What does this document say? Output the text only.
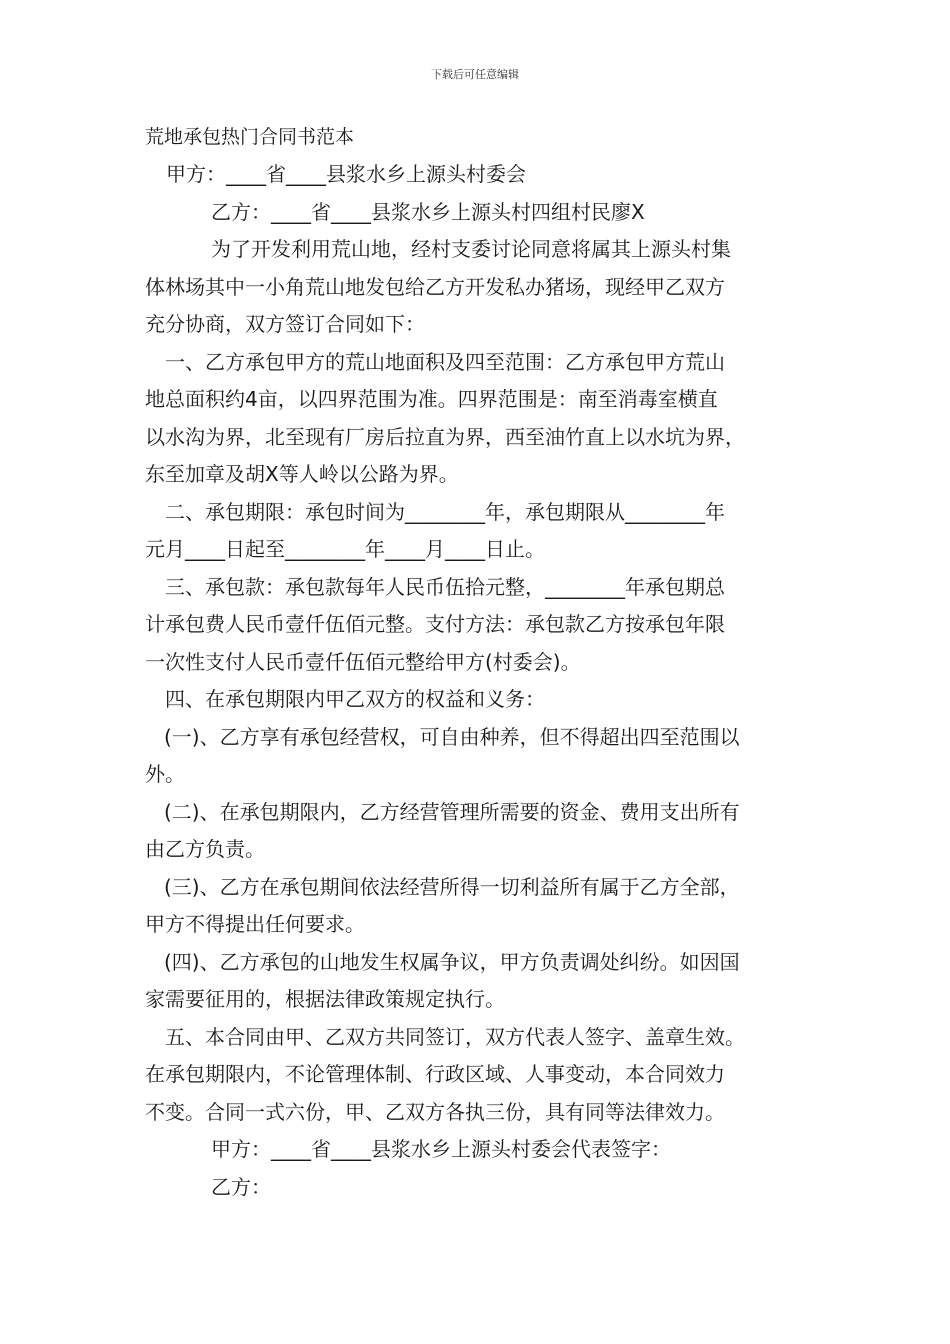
下载后可任意编辑

荒地承包热门合同书范本

甲方：____省____县浆水乡上源头村委会

乙方：____省____县浆水乡上源头村四组村民廖X

为了开发利用荒山地，经村支委讨论同意将属其上源头村集

体林场其中一小角荒山地发包给乙方开发私办猪场，现经甲乙双方

充分协商，双方签订合同如下：

一、乙方承包甲方的荒山地面积及四至范围：乙方承包甲方荒山

地总面积约4亩，以四界范围为准。四界范围是：南至消毒室横直

以水沟为界，北至现有厂房后拉直为界，西至油竹直上以水坑为界，

东至加章及胡X等人岭以公路为界。

二、承包期限：承包时间为________年，承包期限从________年

元月____日起至________年____月____日止。

三、承包款：承包款每年人民币伍拾元整，________年承包期总

计承包费人民币壹仟伍佰元整。支付方法：承包款乙方按承包年限

一次性支付人民币壹仟伍佰元整给甲方(村委会)。

四、在承包期限内甲乙双方的权益和义务：

(一)、乙方享有承包经营权，可自由种养，但不得超出四至范围以

外。

(二)、在承包期限内，乙方经营管理所需要的资金、费用支出所有

由乙方负责。

(三)、乙方在承包期间依法经营所得一切利益所有属于乙方全部，

甲方不得提出任何要求。

(四)、乙方承包的山地发生权属争议，甲方负责调处纠纷。如因国

家需要征用的，根据法律政策规定执行。

五、本合同由甲、乙双方共同签订，双方代表人签字、盖章生效。

在承包期限内，不论管理体制、行政区域、人事变动，本合同效力

不变。合同一式六份，甲、乙双方各执三份，具有同等法律效力。

甲方：____省____县浆水乡上源头村委会代表签字：

乙方：
